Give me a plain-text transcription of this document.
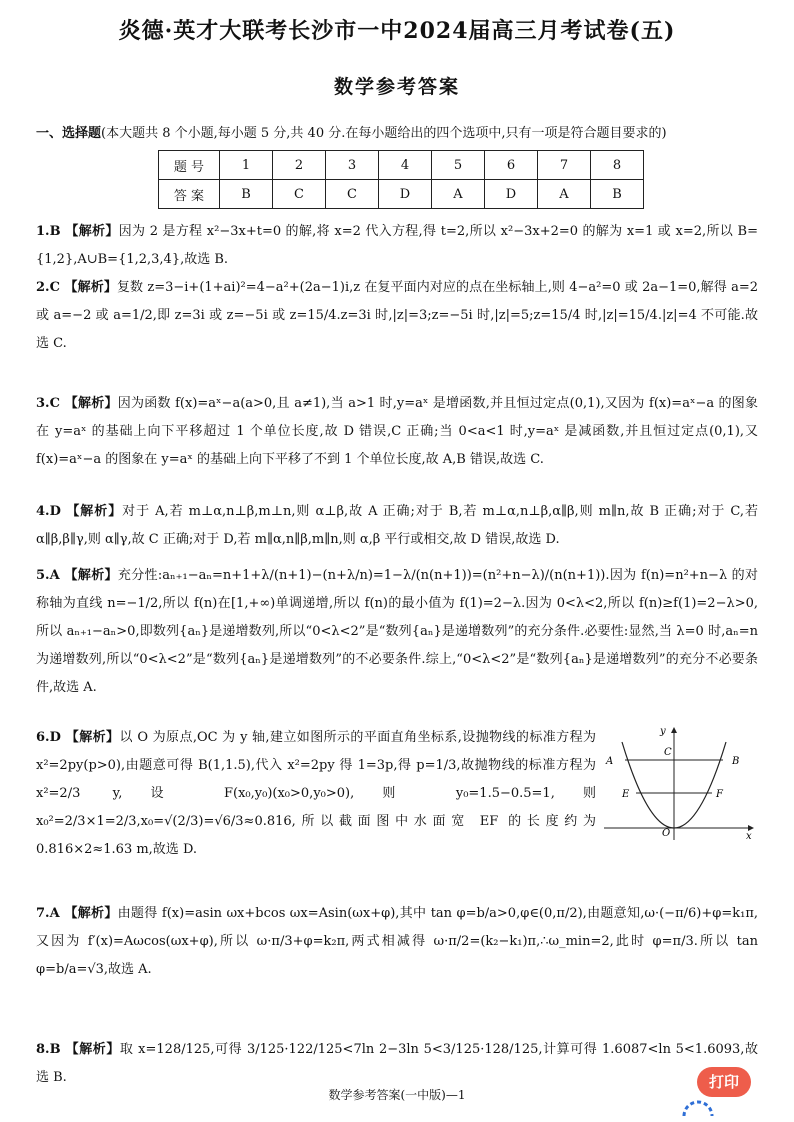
炎德·英才大联考长沙市一中2024届高三月考试卷(五)
数学参考答案
一、选择题(本大题共 8 个小题,每小题 5 分,共 40 分.在每小题给出的四个选项中,只有一项是符合题目要求的)
题 号	1	2	3	4	5	6	7	8
答 案	B	C	C	D	A	D	A	B
1.B 【解析】因为 2 是方程 x²−3x+t=0 的解,将 x=2 代入方程,得 t=2,所以 x²−3x+2=0 的解为 x=1 或 x=2,所以 B={1,2},A∪B={1,2,3,4},故选 B.
2.C 【解析】复数 z=3−i+(1+ai)²=4−a²+(2a−1)i,z 在复平面内对应的点在坐标轴上,则 4−a²=0 或 2a−1=0,解得 a=2 或 a=−2 或 a=1/2,即 z=3i 或 z=−5i 或 z=15/4.z=3i 时,|z|=3;z=−5i 时,|z|=5;z=15/4 时,|z|=15/4.|z|=4 不可能.故选 C.
3.C 【解析】因为函数 f(x)=aˣ−a(a>0,且 a≠1),当 a>1 时,y=aˣ 是增函数,并且恒过定点(0,1),又因为 f(x)=aˣ−a 的图象在 y=aˣ 的基础上向下平移超过 1 个单位长度,故 D 错误,C 正确;当 0<a<1 时,y=aˣ 是减函数,并且恒过定点(0,1),又 f(x)=aˣ−a 的图象在 y=aˣ 的基础上向下平移了不到 1 个单位长度,故 A,B 错误,故选 C.
4.D 【解析】对于 A,若 m⊥α,n⊥β,m⊥n,则 α⊥β,故 A 正确;对于 B,若 m⊥α,n⊥β,α∥β,则 m∥n,故 B 正确;对于 C,若 α∥β,β∥γ,则 α∥γ,故 C 正确;对于 D,若 m∥α,n∥β,m∥n,则 α,β 平行或相交,故 D 错误,故选 D.
5.A 【解析】充分性:aₙ₊₁−aₙ=n+1+λ/(n+1)−(n+λ/n)=1−λ/(n(n+1))=(n²+n−λ)/(n(n+1)).因为 f(n)=n²+n−λ 的对称轴为直线 n=−1/2,所以 f(n)在[1,+∞)单调递增,所以 f(n)的最小值为 f(1)=2−λ.因为 0<λ<2,所以 f(n)≥f(1)=2−λ>0,所以 aₙ₊₁−aₙ>0,即数列{aₙ}是递增数列,所以“0<λ<2”是“数列{aₙ}是递增数列”的充分条件.必要性:显然,当 λ=0 时,aₙ=n 为递增数列,所以“0<λ<2”是“数列{aₙ}是递增数列”的不必要条件.综上,“0<λ<2”是“数列{aₙ}是递增数列”的充分不必要条件,故选 A.
6.D 【解析】以 O 为原点,OC 为 y 轴,建立如图所示的平面直角坐标系,设抛物线的标准方程为 x²=2py(p>0),由题意可得 B(1,1.5),代入 x²=2py 得 1=3p,得 p=1/3,故抛物线的标准方程为 x²=2/3 y,设 F(x₀,y₀)(x₀>0,y₀>0),则 y₀=1.5−0.5=1,则 x₀²=2/3×1=2/3,x₀=√(2/3)=√6/3≈0.816,所以截面图中水面宽 EF 的长度约为 0.816×2≈1.63 m,故选 D.
7.A 【解析】由题得 f(x)=asin ωx+bcos ωx=Asin(ωx+φ),其中 tan φ=b/a>0,φ∈(0,π/2),由题意知,ω·(−π/6)+φ=k₁π,又因为 f′(x)=Aωcos(ωx+φ),所以 ω·π/3+φ=k₂π,两式相减得 ω·π/2=(k₂−k₁)π,∴ω_min=2,此时 φ=π/3.所以 tan φ=b/a=√3,故选 A.
8.B 【解析】取 x=128/125,可得 3/125·122/125<7ln 2−3ln 5<3/125·128/125,计算可得 1.6087<ln 5<1.6093,故选 B.
y
C
A	B
E	F
O	x
数学参考答案(一中版)—1
打印
